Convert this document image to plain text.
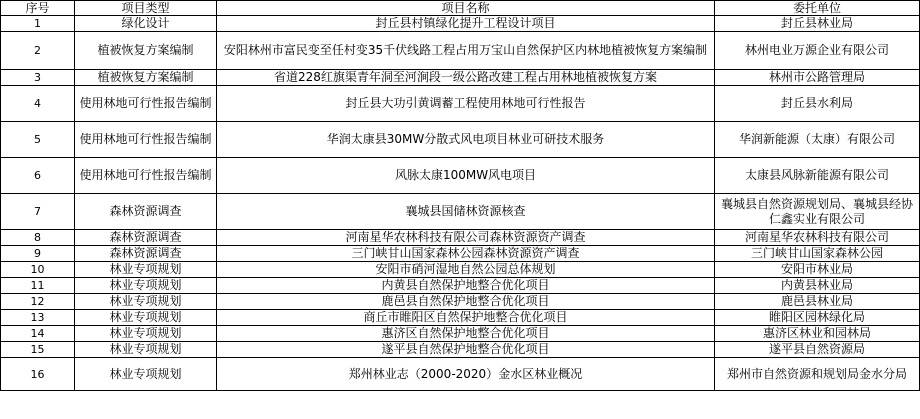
序号	项目类型	项目名称	委托单位
1	绿化设计	封丘县村镇绿化提升工程设计项目	封丘县林业局
2	植被恢复方案编制	安阳林州市富民变至任村变35千伏线路工程占用万宝山自然保护区内林地植被恢复方案编制	林州电业万源企业有限公司
3	植被恢复方案编制	省道228红旗渠青年洞至河涧段一级公路改建工程占用林地植被恢复方案	林州市公路管理局
4	使用林地可行性报告编制	封丘县大功引黄调蓄工程使用林地可行性报告	封丘县水利局
5	使用林地可行性报告编制	华润太康县30MW分散式风电项目林业可研技术服务	华润新能源（太康）有限公司
6	使用林地可行性报告编制	风脉太康100MW风电项目	太康县风脉新能源有限公司
7	森林资源调查	襄城县国储林资源核查	襄城县自然资源规划局、襄城县经协仁鑫实业有限公司
8	森林资源调查	河南星华农林科技有限公司森林资源资产调查	河南星华农林科技有限公司
9	森林资源调查	三门峡甘山国家森林公园森林资源资产调查	三门峡甘山国家森林公园
10	林业专项规划	安阳市硝河湿地自然公园总体规划	安阳市林业局
11	林业专项规划	内黄县自然保护地整合优化项目	内黄县林业局
12	林业专项规划	鹿邑县自然保护地整合优化项目	鹿邑县林业局
13	林业专项规划	商丘市睢阳区自然保护地整合优化项目	睢阳区园林绿化局
14	林业专项规划	惠济区自然保护地整合优化项目	惠济区林业和园林局
15	林业专项规划	遂平县自然保护地整合优化项目	遂平县自然资源局
16	林业专项规划	郑州林业志（2000-2020）金水区林业概况	郑州市自然资源和规划局金水分局
